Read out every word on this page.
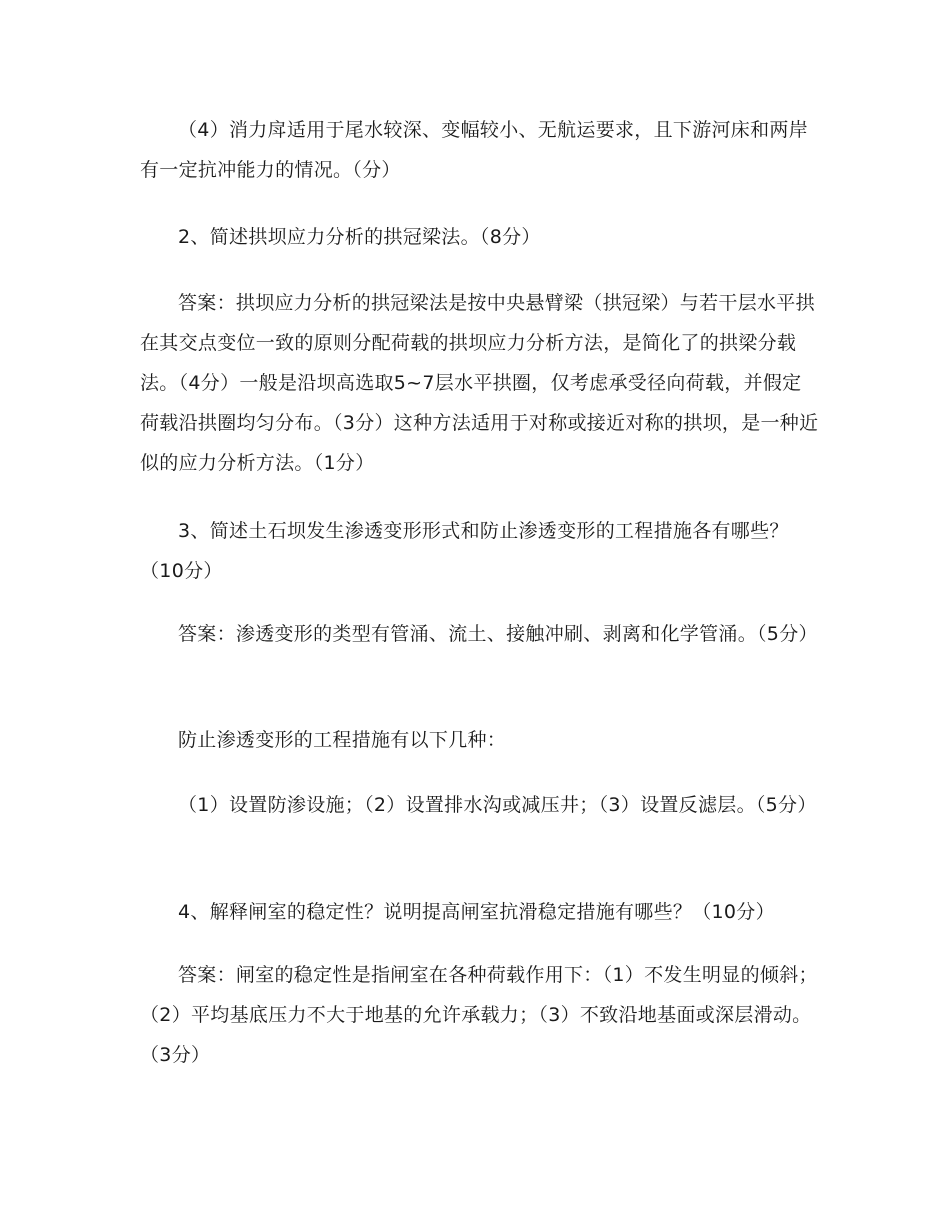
（4）消力戽适用于尾水较深、变幅较小、无航运要求，且下游河床和两岸有一定抗冲能力的情况。（分）

2、简述拱坝应力分析的拱冠梁法。（8分）

答案：拱坝应力分析的拱冠梁法是按中央悬臂梁（拱冠梁）与若干层水平拱在其交点变位一致的原则分配荷载的拱坝应力分析方法，是简化了的拱梁分载法。（4分）一般是沿坝高选取5~7层水平拱圈，仅考虑承受径向荷载，并假定荷载沿拱圈均匀分布。（3分）这种方法适用于对称或接近对称的拱坝，是一种近似的应力分析方法。（1分）

3、简述土石坝发生渗透变形形式和防止渗透变形的工程措施各有哪些？（10分）

答案：渗透变形的类型有管涌、流土、接触冲刷、剥离和化学管涌。（5分）

防止渗透变形的工程措施有以下几种：

（1）设置防渗设施；（2）设置排水沟或减压井；（3）设置反滤层。（5分）

4、解释闸室的稳定性？说明提高闸室抗滑稳定措施有哪些？（10分）

答案：闸室的稳定性是指闸室在各种荷载作用下：（1）不发生明显的倾斜；（2）平均基底压力不大于地基的允许承载力；（3）不致沿地基面或深层滑动。（3分）
